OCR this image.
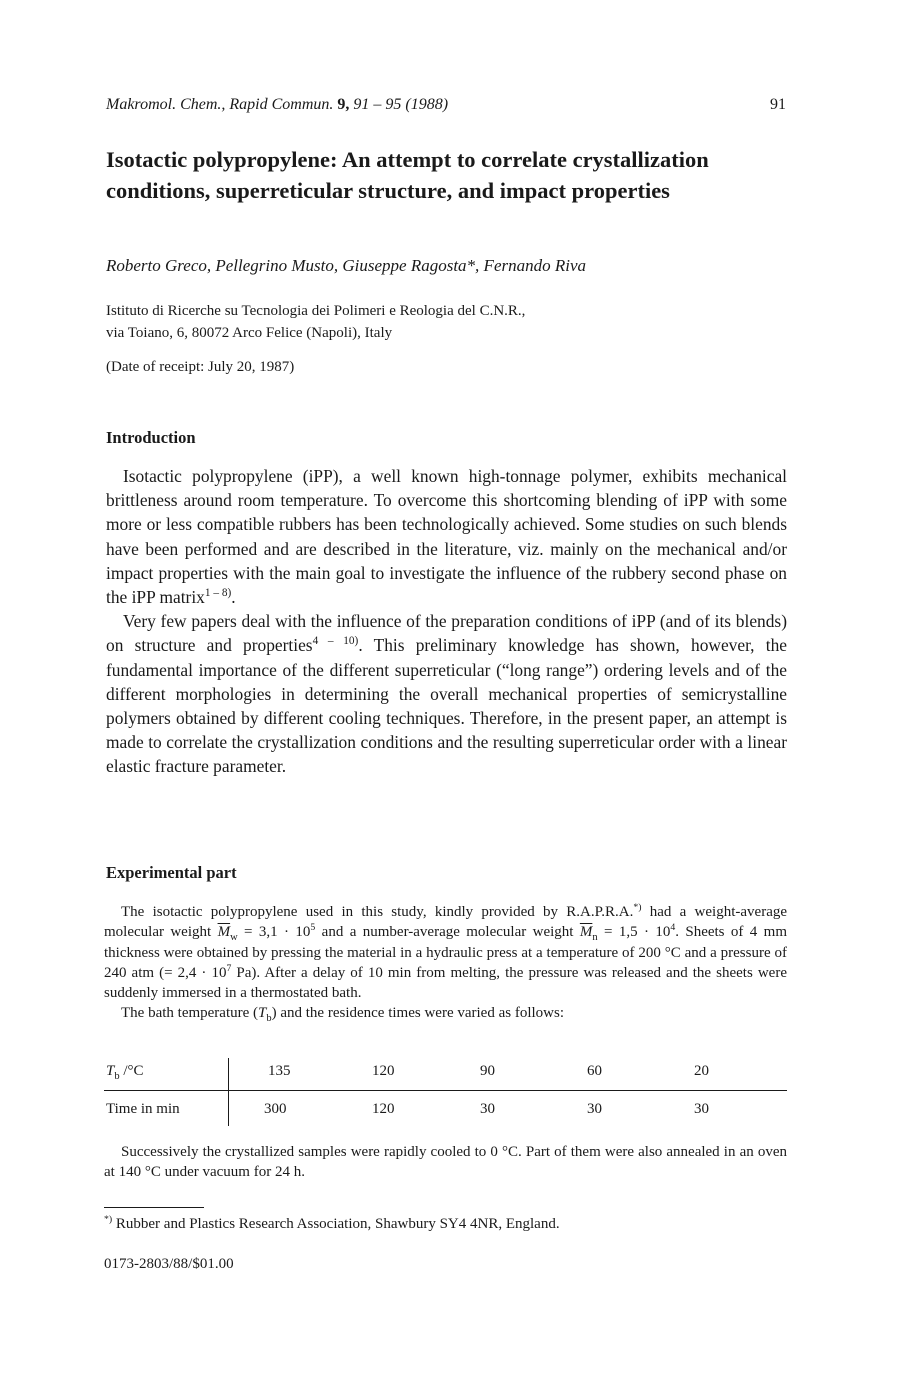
Makromol. Chem., Rapid Commun. 9, 91 – 95 (1988)	91
Isotactic polypropylene: An attempt to correlate crystallization conditions, superreticular structure, and impact properties
Roberto Greco, Pellegrino Musto, Giuseppe Ragosta*, Fernando Riva
Istituto di Ricerche su Tecnologia dei Polimeri e Reologia del C.N.R.,
via Toiano, 6, 80072 Arco Felice (Napoli), Italy
(Date of receipt: July 20, 1987)
Introduction

Isotactic polypropylene (iPP), a well known high-tonnage polymer, exhibits mechanical brittleness around room temperature. To overcome this shortcoming blending of iPP with some more or less compatible rubbers has been technologically achieved. Some studies on such blends have been performed and are described in the literature, viz. mainly on the mechanical and/or impact properties with the main goal to investigate the influence of the rubbery second phase on the iPP matrix$^{1 - 8)}$.

Very few papers deal with the influence of the preparation conditions of iPP (and of its blends) on structure and properties$^{4 - 10)}$. This preliminary knowledge has shown, however, the fundamental importance of the different superreticular (“long range”) ordering levels and of the different morphologies in determining the overall mechanical properties of semicrystalline polymers obtained by different cooling techniques. Therefore, in the present paper, an attempt is made to correlate the crystallization conditions and the resulting superreticular order with a linear elastic fracture parameter.

Experimental part

The isotactic polypropylene used in this study, kindly provided by R.A.P.R.A.*) had a weight-average molecular weight $\overline{M}_w = 3,1 \cdot 10^5$ and a number-average molecular weight $\overline{M}_n = 1,5 \cdot 10^4$. Sheets of 4 mm thickness were obtained by pressing the material in a hydraulic press at a temperature of 200 °C and a pressure of 240 atm (= $2,4 \cdot 10^7$ Pa). After a delay of 10 min from melting, the pressure was released and the sheets were suddenly immersed in a thermostated bath.

The bath temperature $(T_b)$ and the residence times were varied as follows:

$T_b$ /°C	135	120	90	60	20
Time in min	300	120	30	30	30

Successively the crystallized samples were rapidly cooled to 0 °C. Part of them were also annealed in an oven at 140 °C under vacuum for 24 h.

*) Rubber and Plastics Research Association, Shawbury SY4 4NR, England.
0173-2803/88/$01.00
